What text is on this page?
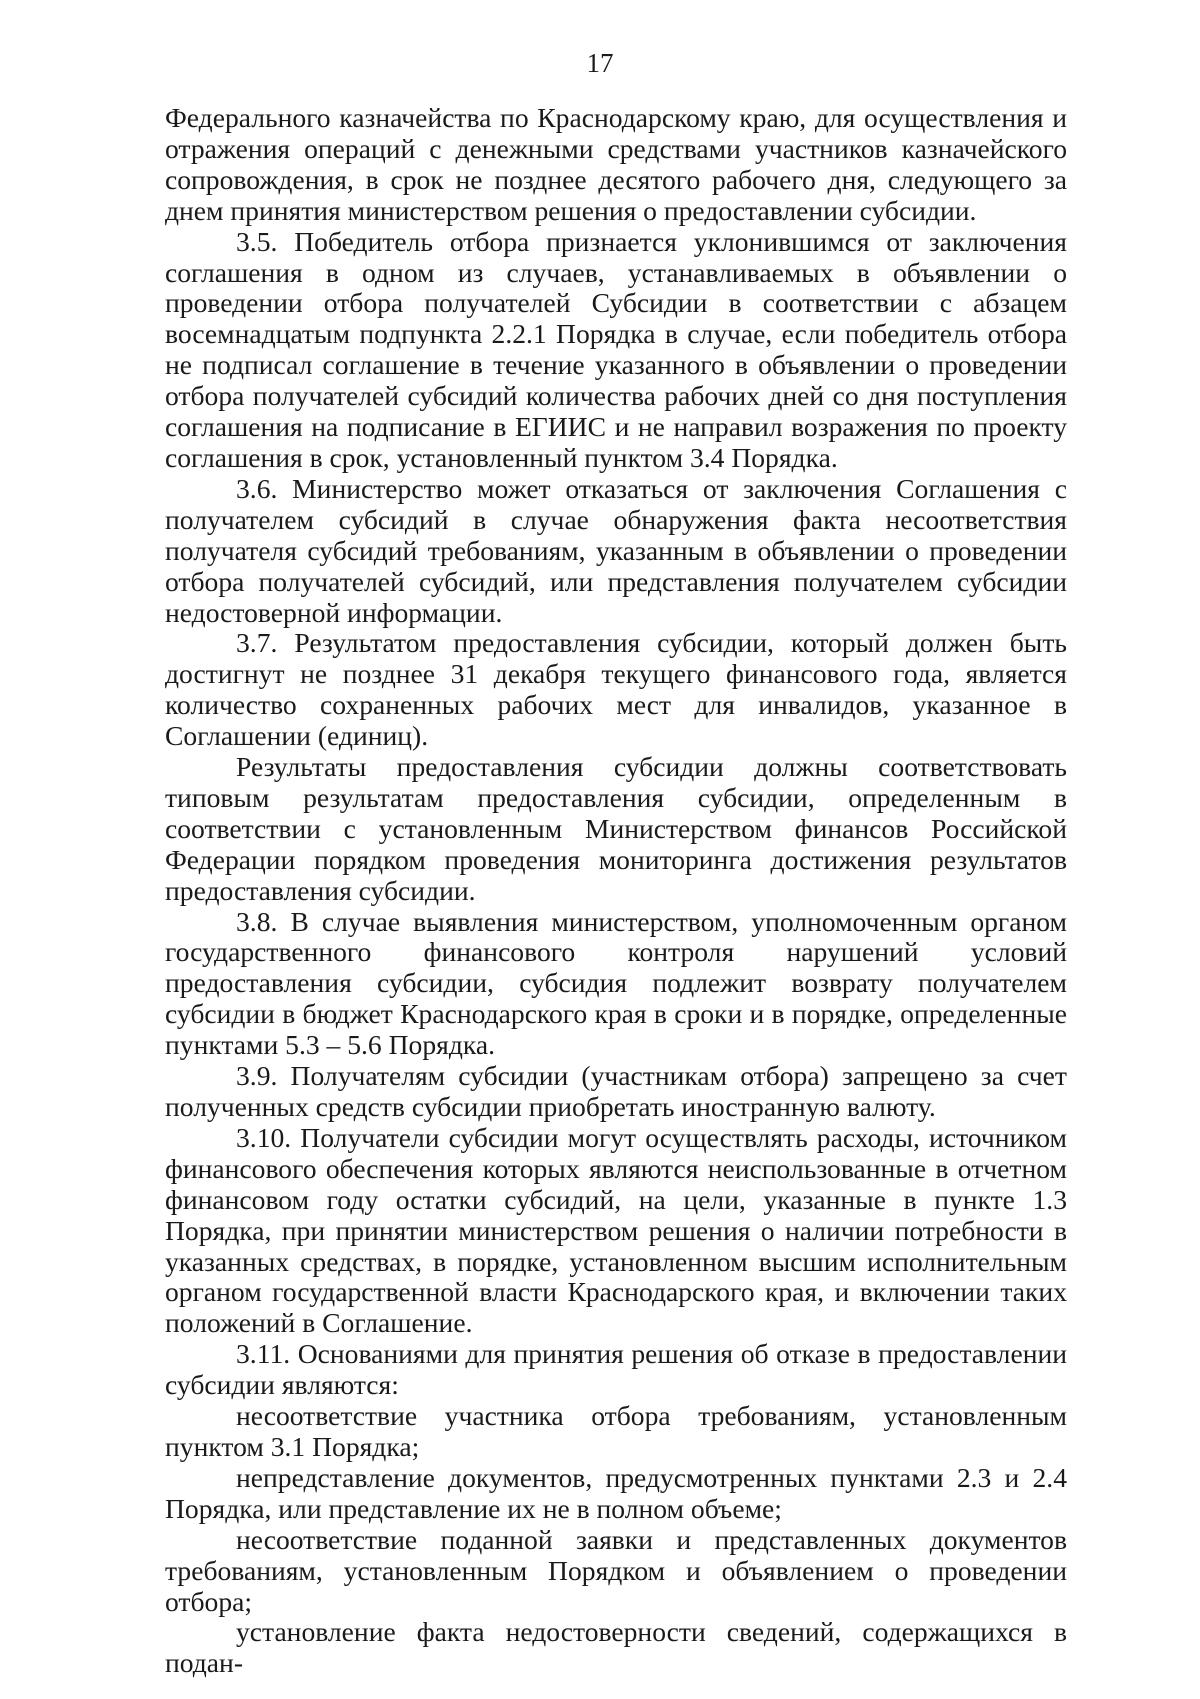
17

Федерального казначейства по Краснодарскому краю, для осуществления и отражения операций с денежными средствами участников казначейского сопровождения, в срок не позднее десятого рабочего дня, следующего за днем принятия министерством решения о предоставлении субсидии.

3.5. Победитель отбора признается уклонившимся от заключения соглашения в одном из случаев, устанавливаемых в объявлении о проведении отбора получателей Субсидии в соответствии с абзацем восемнадцатым подпункта 2.2.1 Порядка в случае, если победитель отбора не подписал соглашение в течение указанного в объявлении о проведении отбора получателей субсидий количества рабочих дней со дня поступления соглашения на подписание в ЕГИИС и не направил возражения по проекту соглашения в срок, установленный пунктом 3.4 Порядка.

3.6. Министерство может отказаться от заключения Соглашения с получателем субсидий в случае обнаружения факта несоответствия получателя субсидий требованиям, указанным в объявлении о проведении отбора получателей субсидий, или представления получателем субсидии недостоверной информации.

3.7. Результатом предоставления субсидии, который должен быть достигнут не позднее 31 декабря текущего финансового года, является количество сохраненных рабочих мест для инвалидов, указанное в Соглашении (единиц).

Результаты предоставления субсидии должны соответствовать типовым результатам предоставления субсидии, определенным в соответствии с установленным Министерством финансов Российской Федерации порядком проведения мониторинга достижения результатов предоставления субсидии.

3.8. В случае выявления министерством, уполномоченным органом государственного финансового контроля нарушений условий предоставления субсидии, субсидия подлежит возврату получателем субсидии в бюджет Краснодарского края в сроки и в порядке, определенные пунктами 5.3 – 5.6 Порядка.

3.9. Получателям субсидии (участникам отбора) запрещено за счет полученных средств субсидии приобретать иностранную валюту.

3.10. Получатели субсидии могут осуществлять расходы, источником финансового обеспечения которых являются неиспользованные в отчетном финансовом году остатки субсидий, на цели, указанные в пункте 1.3 Порядка, при принятии министерством решения о наличии потребности в указанных средствах, в порядке, установленном высшим исполнительным органом государственной власти Краснодарского края, и включении таких положений в Соглашение.

3.11. Основаниями для принятия решения об отказе в предоставлении субсидии являются:

несоответствие участника отбора требованиям, установленным пунктом 3.1 Порядка;

непредставление документов, предусмотренных пунктами 2.3 и 2.4 Порядка, или представление их не в полном объеме;

несоответствие поданной заявки и представленных документов требованиям, установленным Порядком и объявлением о проведении отбора;

установление факта недостоверности сведений, содержащихся в подан-
